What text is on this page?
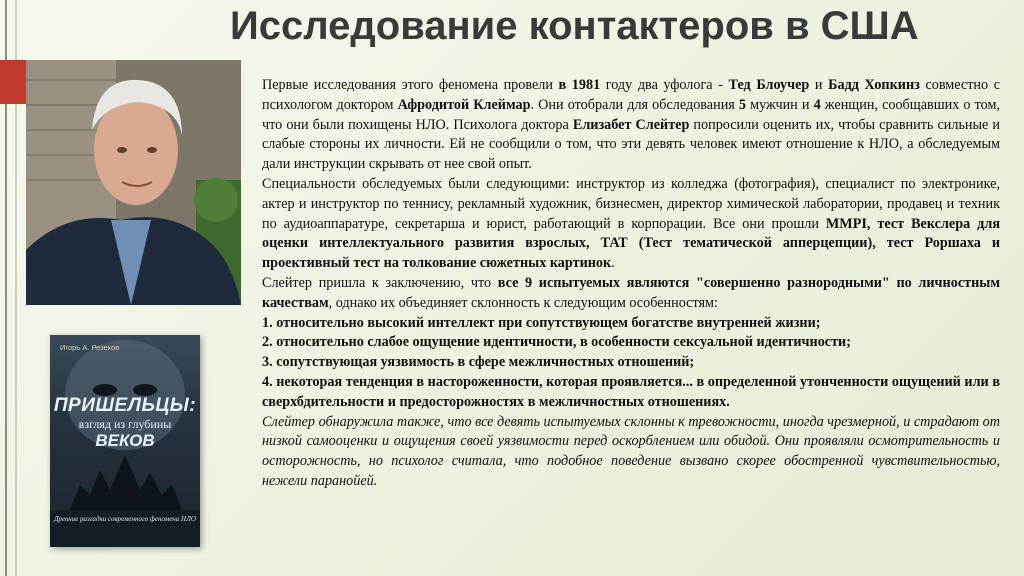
Исследование контактеров в США
Игорь А. Резеков
ПРИШЕЛЬЦЫ:
взгляд из глубины
ВЕКОВ
Древние разгадки современного феномена НЛО

Первые исследования этого феномена провели в 1981 году два уфолога - Тед Блоучер и Бадд Хопкинз совместно с психологом доктором Афродитой Клеймар. Они отобрали для обследования 5 мужчин и 4 женщин, сообщавших о том, что они были похищены НЛО. Психолога доктора Елизабет Слейтер попросили оценить их, чтобы сравнить сильные и слабые стороны их личности. Ей не сообщили о том, что эти девять человек имеют отношение к НЛО, а обследуемым дали инструкции скрывать от нее свой опыт.

Специальности обследуемых были следующими: инструктор из колледжа (фотография), специалист по электронике, актер и инструктор по теннису, рекламный художник, бизнесмен, директор химической лаборатории, продавец и техник по аудиоаппаратуре, секретарша и юрист, работающий в корпорации. Все они прошли MMPI, тест Векслера для оценки интеллектуального развития взрослых, ТАТ (Тест тематической апперцепции), тест Роршаха и проективный тест на толкование сюжетных картинок.

Слейтер пришла к заключению, что все 9 испытуемых являются "совершенно разнородными" по личностным качествам, однако их объединяет склонность к следующим особенностям:

1. относительно высокий интеллект при сопутствующем богатстве внутренней жизни;

2. относительно слабое ощущение идентичности, в особенности сексуальной идентичности;

3. сопутствующая уязвимость в сфере межличностных отношений;

4. некоторая тенденция в настороженности, которая проявляется... в определенной утонченности ощущений или в сверхбдительности и предосторожностях в межличностных отношениях.

Слейтер обнаружила также, что все девять испытуемых склонны к тревожности, иногда чрезмерной, и страдают от низкой самооценки и ощущения своей уязвимости перед оскорблением или обидой. Они проявляли осмотрительность и осторожность, но психолог считала, что подобное поведение вызвано скорее обостренной чувствительностью, нежели паранойей.
